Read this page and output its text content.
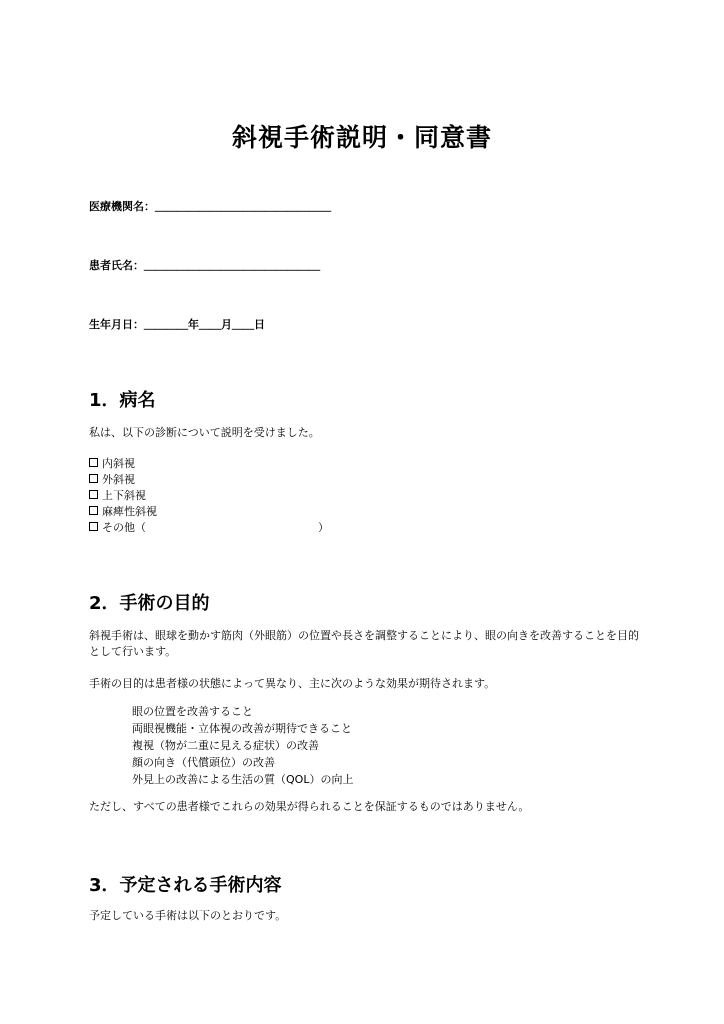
斜視手術説明・同意書
医療機関名：＿＿＿＿＿＿＿＿＿＿＿＿＿＿＿＿
患者氏名：＿＿＿＿＿＿＿＿＿＿＿＿＿＿＿＿
生年月日：＿＿＿＿年＿＿月＿＿日
1．病名

私は、以下の診断について説明を受けました。

内斜視
外斜視
上下斜視
麻痺性斜視
その他（	）
2．手術の目的

斜視手術は、眼球を動かす筋肉（外眼筋）の位置や長さを調整することにより、眼の向きを改善することを目的として行います。

手術の目的は患者様の状態によって異なり、主に次のような効果が期待されます。

眼の位置を改善すること
両眼視機能・立体視の改善が期待できること
複視（物が二重に見える症状）の改善
顔の向き（代償頭位）の改善
外見上の改善による生活の質（QOL）の向上

ただし、すべての患者様でこれらの効果が得られることを保証するものではありません。

3．予定される手術内容

予定している手術は以下のとおりです。
